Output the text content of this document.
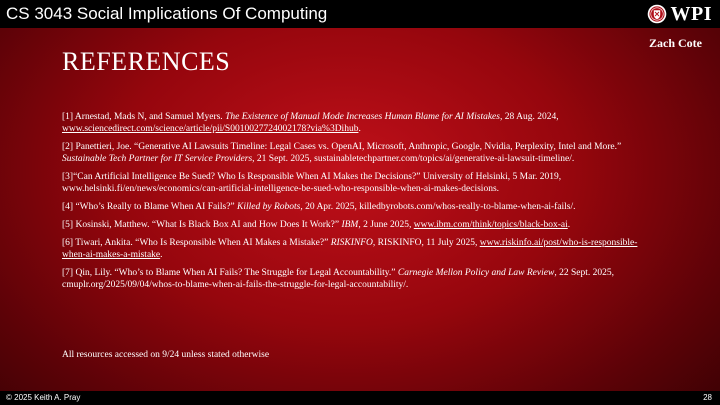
CS 3043 Social Implications Of Computing	WPI
Zach Cote
REFERENCES

[1] Arnestad, Mads N, and Samuel Myers. The Existence of Manual Mode Increases Human Blame for AI Mistakes, 28 Aug. 2024, www.sciencedirect.com/science/article/pii/S0010027724002178?via%3Dihub.

[2] Panettieri, Joe. “Generative AI Lawsuits Timeline: Legal Cases vs. OpenAI, Microsoft, Anthropic, Google, Nvidia, Perplexity, Intel and More.” Sustainable Tech Partner for IT Service Providers, 21 Sept. 2025, sustainabletechpartner.com/topics/ai/generative-ai-lawsuit-timeline/.

[3]“Can Artificial Intelligence Be Sued? Who Is Responsible When AI Makes the Decisions?” University of Helsinki, 5 Mar. 2019, www.helsinki.fi/en/news/economics/can-artificial-intelligence-be-sued-who-responsible-when-ai-makes-decisions.

[4] “Who’s Really to Blame When AI Fails?” Killed by Robots, 20 Apr. 2025, killedbyrobots.com/whos-really-to-blame-when-ai-fails/.

[5] Kosinski, Matthew. “What Is Black Box AI and How Does It Work?” IBM, 2 June 2025, www.ibm.com/think/topics/black-box-ai.

[6] Tiwari, Ankita. “Who Is Responsible When AI Makes a Mistake?” RISKINFO, RISKINFO, 11 July 2025, www.riskinfo.ai/post/who-is-responsible-when-ai-makes-a-mistake.

[7] Qin, Lily. “Who’s to Blame When AI Fails? The Struggle for Legal Accountability.” Carnegie Mellon Policy and Law Review, 22 Sept. 2025, cmuplr.org/2025/09/04/whos-to-blame-when-ai-fails-the-struggle-for-legal-accountability/.

All resources accessed on 9/24 unless stated otherwise
© 2025 Keith A. Pray	28
